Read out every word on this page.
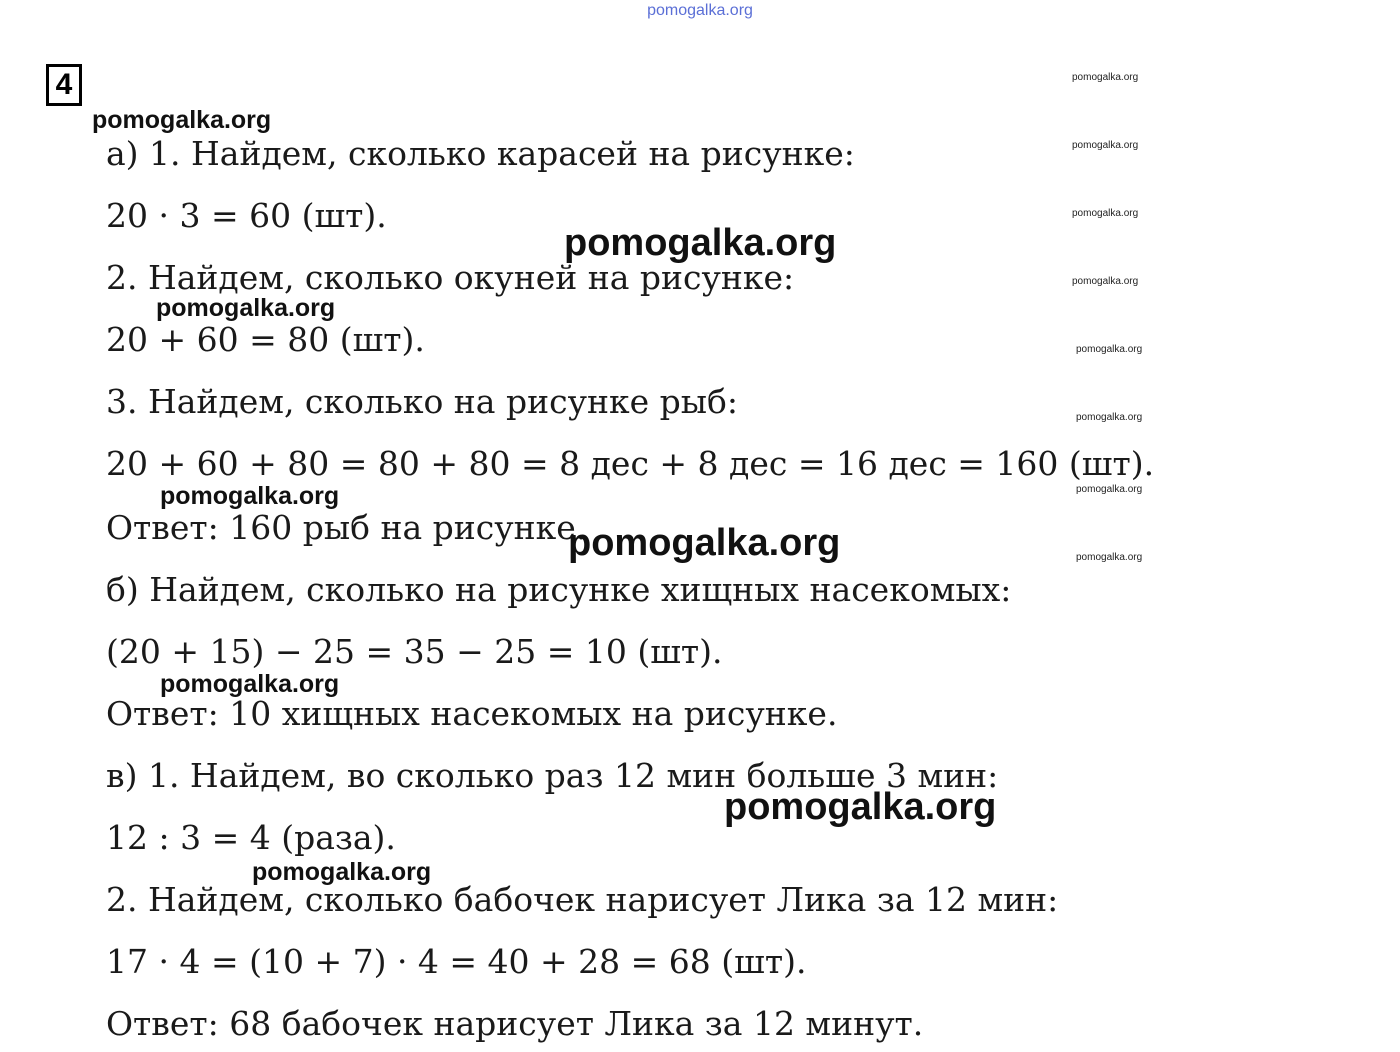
pomogalka.org
4	pomogalka.org
pomogalka.org
pomogalka.org
pomogalka.org
pomogalka.org
pomogalka.org
pomogalka.org
pomogalka.org
а) 1. Найдем, сколько карасей на рисунке:
20 · 3 = 60 (шт).
2. Найдем, сколько окуней на рисунке:
20 + 60 = 80 (шт).
3. Найдем, сколько на рисунке рыб:
20 + 60 + 80 = 80 + 80 = 8 дес + 8 дес = 16 дес = 160 (шт).
Ответ: 160 рыб на рисунке.
б) Найдем, сколько на рисунке хищных насекомых:
(20 + 15) − 25 = 35 − 25 = 10 (шт).
Ответ: 10 хищных насекомых на рисунке.
в) 1. Найдем, во сколько раз 12 мин больше 3 мин:
12 : 3 = 4 (раза).
2. Найдем, сколько бабочек нарисует Лика за 12 мин:
17 · 4 = (10 + 7) · 4 = 40 + 28 = 68 (шт).
Ответ: 68 бабочек нарисует Лика за 12 минут.
pomogalka.org
pomogalka.org
pomogalka.org
pomogalka.org
pomogalka.org
pomogalka.org
pomogalka.org
pomogalka.org
